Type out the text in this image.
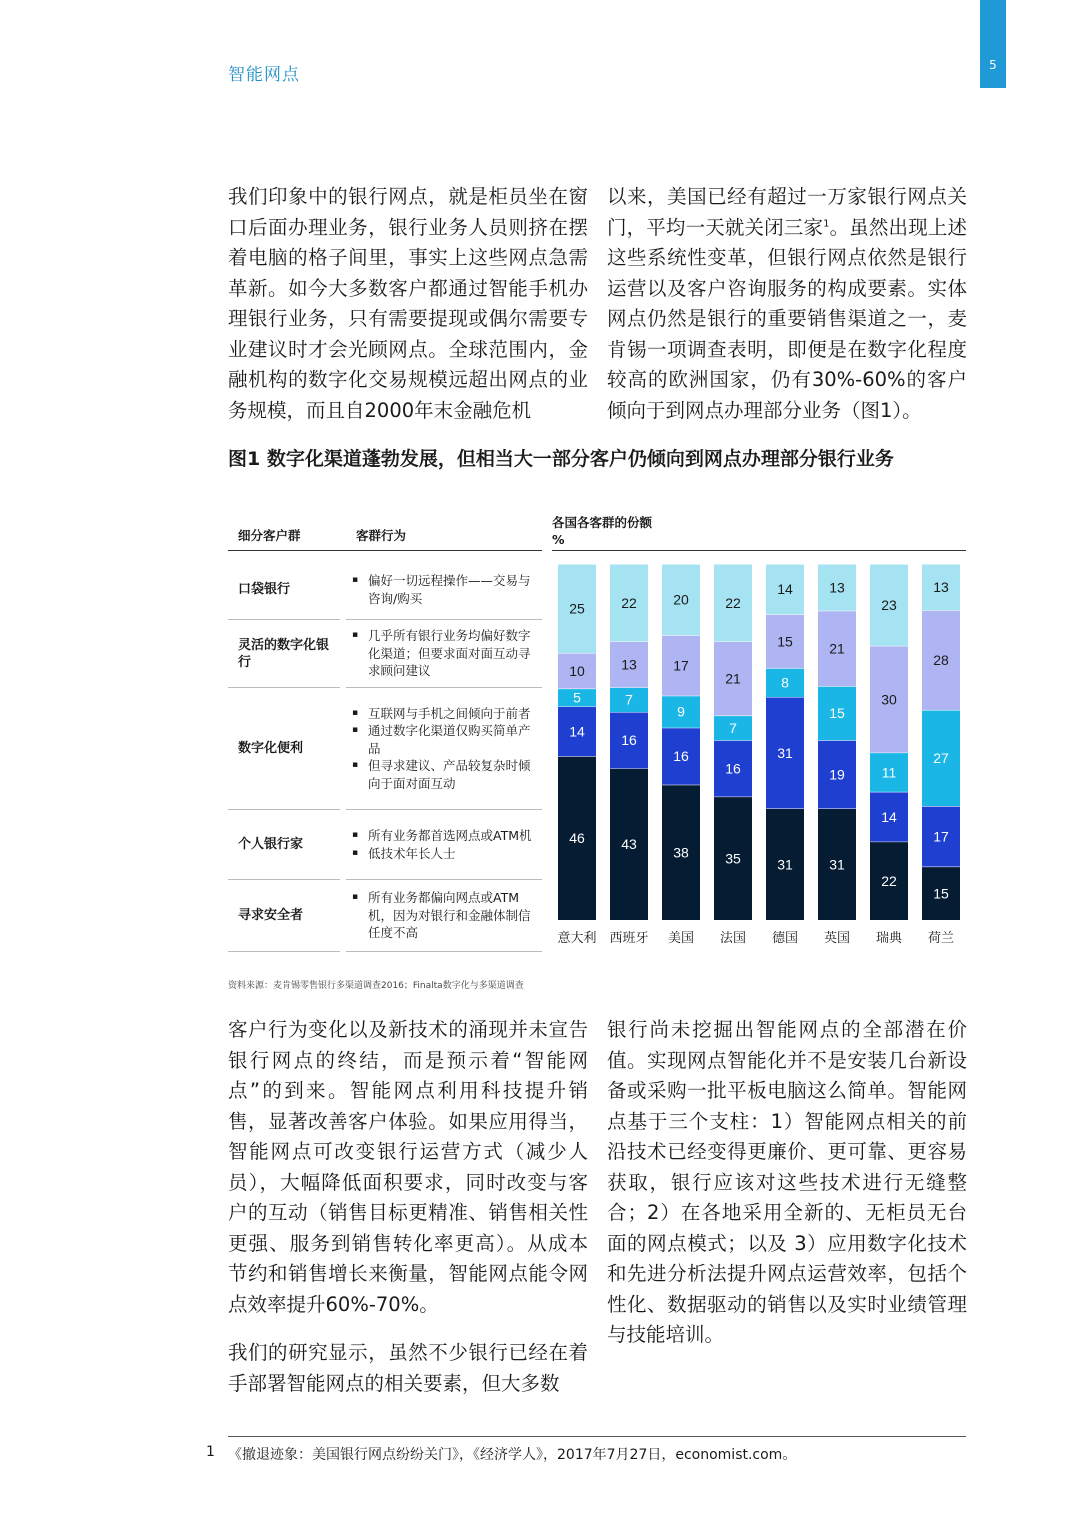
智能网点	5

我们印象中的银行网点，就是柜员坐在窗口后面办理业务，银行业务人员则挤在摆着电脑的格子间里，事实上这些网点急需革新。如今大多数客户都通过智能手机办理银行业务，只有需要提现或偶尔需要专业建议时才会光顾网点。全球范围内，金融机构的数字化交易规模远超出网点的业务规模，而且自2000年末金融危机

以来，美国已经有超过一万家银行网点关门，平均一天就关闭三家$^1$。虽然出现上述这些系统性变革，但银行网点依然是银行运营以及客户咨询服务的构成要素。实体网点仍然是银行的重要销售渠道之一，麦肯锡一项调查表明，即便是在数字化程度较高的欧洲国家，仍有30%-60%的客户倾向于到网点办理部分业务（图1）。

图1 数字化渠道蓬勃发展，但相当大一部分客户仍倾向到网点办理部分银行业务
细分客户群	客群行为
口袋银行
▪ 偏好一切远程操作——交易与咨询/购买
灵活的数字化银行
▪ 几乎所有银行业务均偏好数字化渠道；但要求面对面互动寻求顾问建议
数字化便利
▪ 互联网与手机之间倾向于前者
▪ 通过数字化渠道仅购买简单产品
▪ 但寻求建议、产品较复杂时倾向于面对面互动
个人银行家
▪ 所有业务都首选网点或ATM机
▪ 低技术年长人士
寻求安全者
▪ 所有业务都偏向网点或ATM机，因为对银行和金融体制信任度不高
各国各客群的份额
%
46
14
5
10
25
意大利
43
16
7
13
22
西班牙
38
16
9
17
20
美国
35
16
7
21
22
法国
31
31
8
15
14
德国
31
19
15
21
13
英国
22
14
11
30
23
瑞典
15
17
27
28
13
荷兰
资料来源：麦肯锡零售银行多渠道调查2016；Finalta数字化与多渠道调查

客户行为变化以及新技术的涌现并未宣告银行网点的终结，而是预示着“智能网点”的到来。智能网点利用科技提升销售，显著改善客户体验。如果应用得当，智能网点可改变银行运营方式（减少人员），大幅降低面积要求，同时改变与客户的互动（销售目标更精准、销售相关性更强、服务到销售转化率更高）。从成本节约和销售增长来衡量，智能网点能令网点效率提升60%-70%。

我们的研究显示，虽然不少银行已经在着手部署智能网点的相关要素，但大多数

银行尚未挖掘出智能网点的全部潜在价值。实现网点智能化并不是安装几台新设备或采购一批平板电脑这么简单。智能网点基于三个支柱：1）智能网点相关的前沿技术已经变得更廉价、更可靠、更容易获取，银行应该对这些技术进行无缝整合；2）在各地采用全新的、无柜员无台面的网点模式；以及 3）应用数字化技术和先进分析法提升网点运营效率，包括个性化、数据驱动的销售以及实时业绩管理与技能培训。

1 《撤退迹象：美国银行网点纷纷关门》，《经济学人》，2017年7月27日，economist.com。
